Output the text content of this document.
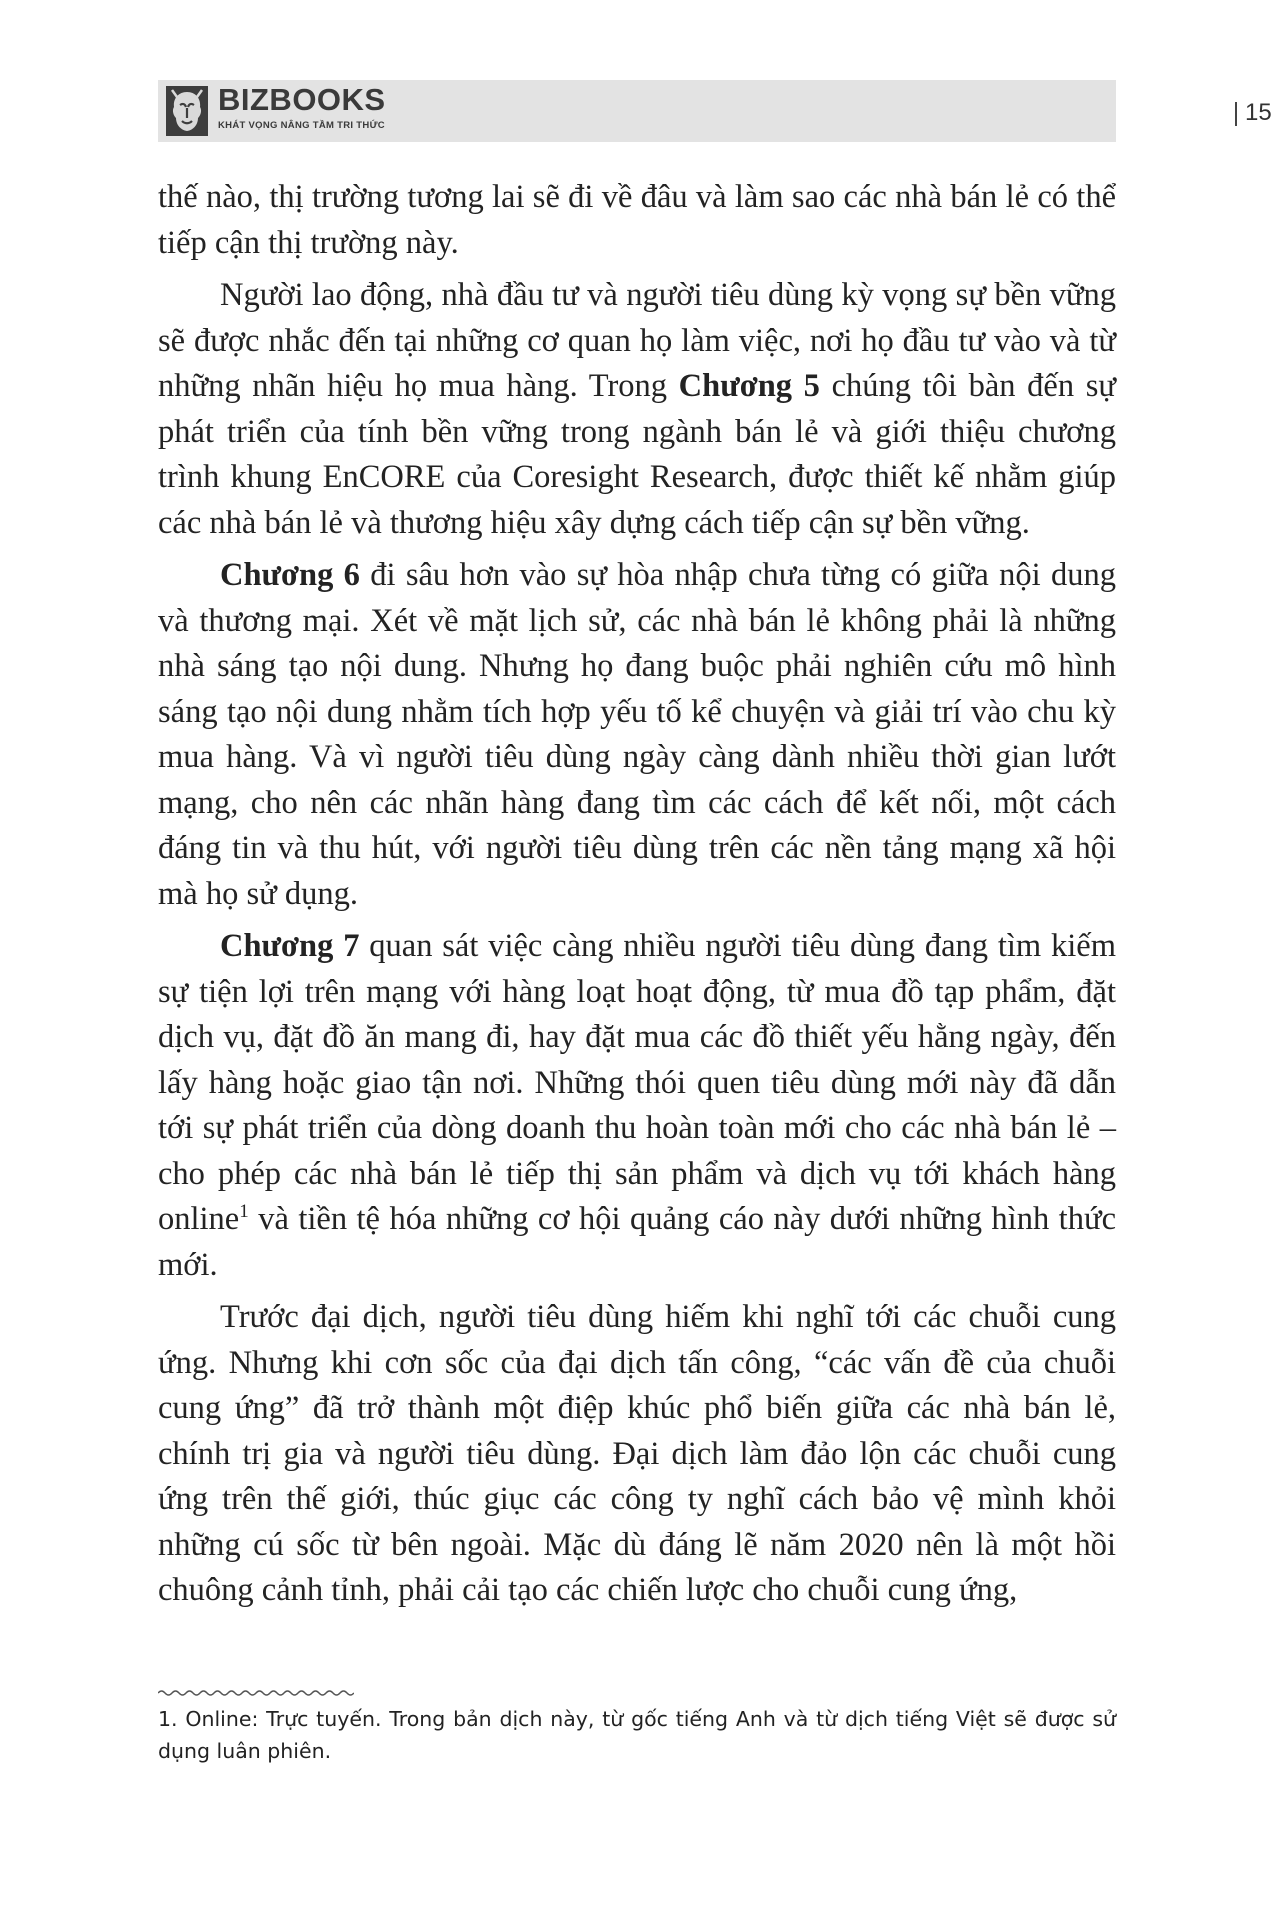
BIZBOOKS
KHÁT VỌNG NÂNG TẦM TRI THỨC	15

thế nào, thị trường tương lai sẽ đi về đâu và làm sao các nhà bán lẻ có thể tiếp cận thị trường này.

Người lao động, nhà đầu tư và người tiêu dùng kỳ vọng sự bền vững sẽ được nhắc đến tại những cơ quan họ làm việc, nơi họ đầu tư vào và từ những nhãn hiệu họ mua hàng. Trong Chương 5 chúng tôi bàn đến sự phát triển của tính bền vững trong ngành bán lẻ và giới thiệu chương trình khung EnCORE của Coresight Research, được thiết kế nhằm giúp các nhà bán lẻ và thương hiệu xây dựng cách tiếp cận sự bền vững.

Chương 6 đi sâu hơn vào sự hòa nhập chưa từng có giữa nội dung và thương mại. Xét về mặt lịch sử, các nhà bán lẻ không phải là những nhà sáng tạo nội dung. Nhưng họ đang buộc phải nghiên cứu mô hình sáng tạo nội dung nhằm tích hợp yếu tố kể chuyện và giải trí vào chu kỳ mua hàng. Và vì người tiêu dùng ngày càng dành nhiều thời gian lướt mạng, cho nên các nhãn hàng đang tìm các cách để kết nối, một cách đáng tin và thu hút, với người tiêu dùng trên các nền tảng mạng xã hội mà họ sử dụng.

Chương 7 quan sát việc càng nhiều người tiêu dùng đang tìm kiếm sự tiện lợi trên mạng với hàng loạt hoạt động, từ mua đồ tạp phẩm, đặt dịch vụ, đặt đồ ăn mang đi, hay đặt mua các đồ thiết yếu hằng ngày, đến lấy hàng hoặc giao tận nơi. Những thói quen tiêu dùng mới này đã dẫn tới sự phát triển của dòng doanh thu hoàn toàn mới cho các nhà bán lẻ – cho phép các nhà bán lẻ tiếp thị sản phẩm và dịch vụ tới khách hàng online$^1$ và tiền tệ hóa những cơ hội quảng cáo này dưới những hình thức mới.

Trước đại dịch, người tiêu dùng hiếm khi nghĩ tới các chuỗi cung ứng. Nhưng khi cơn sốc của đại dịch tấn công, “các vấn đề của chuỗi cung ứng” đã trở thành một điệp khúc phổ biến giữa các nhà bán lẻ, chính trị gia và người tiêu dùng. Đại dịch làm đảo lộn các chuỗi cung ứng trên thế giới, thúc giục các công ty nghĩ cách bảo vệ mình khỏi những cú sốc từ bên ngoài. Mặc dù đáng lẽ năm 2020 nên là một hồi chuông cảnh tỉnh, phải cải tạo các chiến lược cho chuỗi cung ứng,

1. Online: Trực tuyến. Trong bản dịch này, từ gốc tiếng Anh và từ dịch tiếng Việt sẽ được sử dụng luân phiên.
